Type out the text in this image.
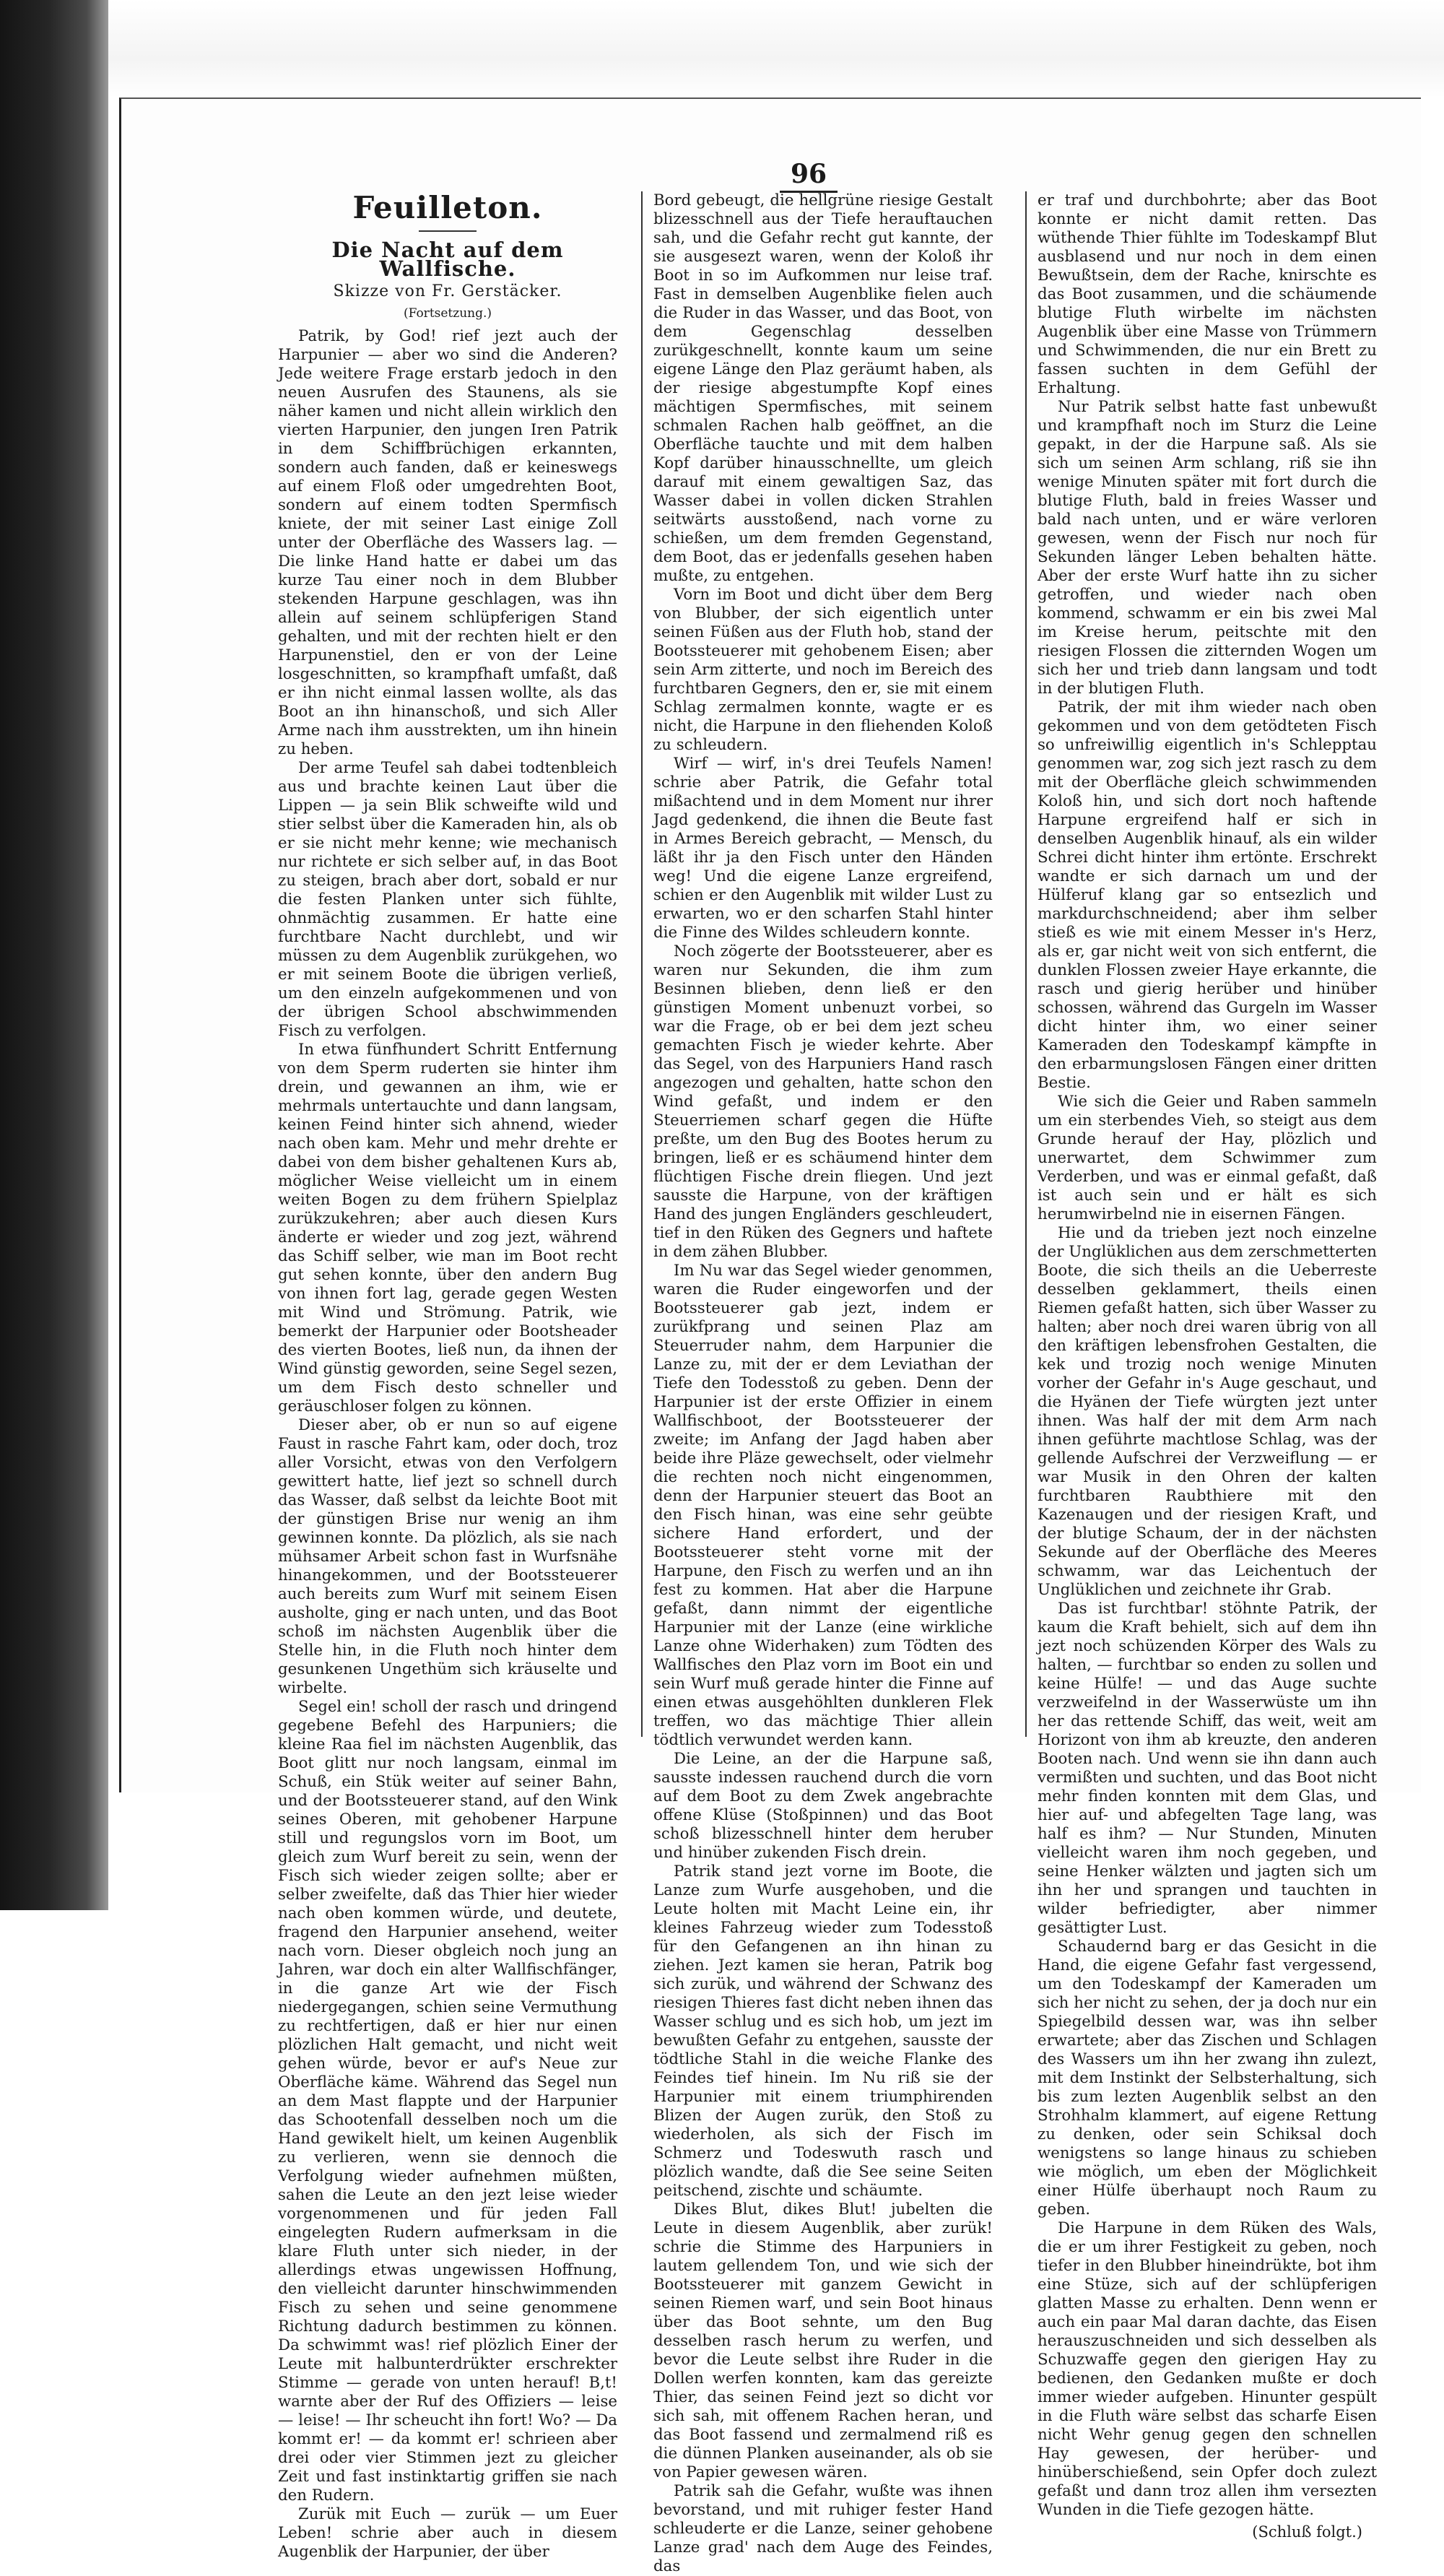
96
Feuilleton.
Die Nacht auf dem Wallfische.
Skizze von Fr. Gerstäcker.
(Fortsetzung.)

Patrik, by God! rief jezt auch der Harpunier — aber wo sind die Anderen? Jede weitere Frage erstarb jedoch in den neuen Ausrufen des Staunens, als sie näher kamen und nicht allein wirklich den vierten Harpunier, den jungen Iren Patrik in dem Schiffbrüchigen erkannten, sondern auch fanden, daß er keineswegs auf einem Floß oder umgedrehten Boot, sondern auf einem todten Spermfisch kniete, der mit seiner Last einige Zoll unter der Oberfläche des Wassers lag. — Die linke Hand hatte er dabei um das kurze Tau einer noch in dem Blubber stekenden Harpune geschlagen, was ihn allein auf seinem schlüpferigen Stand gehalten, und mit der rechten hielt er den Harpunenstiel, den er von der Leine losgeschnitten, so krampfhaft umfaßt, daß er ihn nicht einmal lassen wollte, als das Boot an ihn hinanschoß, und sich Aller Arme nach ihm ausstrekten, um ihn hinein zu heben.

Der arme Teufel sah dabei todtenbleich aus und brachte keinen Laut über die Lippen — ja sein Blik schweifte wild und stier selbst über die Kameraden hin, als ob er sie nicht mehr kenne; wie mechanisch nur richtete er sich selber auf, in das Boot zu steigen, brach aber dort, sobald er nur die festen Planken unter sich fühlte, ohnmächtig zusammen. Er hatte eine furchtbare Nacht durchlebt, und wir müssen zu dem Augenblik zurükgehen, wo er mit seinem Boote die übrigen verließ, um den einzeln aufgekommenen und von der übrigen School abschwimmenden Fisch zu verfolgen.

In etwa fünfhundert Schritt Entfernung von dem Sperm ruderten sie hinter ihm drein, und gewannen an ihm, wie er mehrmals untertauchte und dann langsam, keinen Feind hinter sich ahnend, wieder nach oben kam. Mehr und mehr drehte er dabei von dem bisher gehaltenen Kurs ab, möglicher Weise vielleicht um in einem weiten Bogen zu dem frühern Spielplaz zurükzukehren; aber auch diesen Kurs änderte er wieder und zog jezt, während das Schiff selber, wie man im Boot recht gut sehen konnte, über den andern Bug von ihnen fort lag, gerade gegen Westen mit Wind und Strömung. Patrik, wie bemerkt der Harpunier oder Bootsheader des vierten Bootes, ließ nun, da ihnen der Wind günstig geworden, seine Segel sezen, um dem Fisch desto schneller und geräuschloser folgen zu können.

Dieser aber, ob er nun so auf eigene Faust in rasche Fahrt kam, oder doch, troz aller Vorsicht, etwas von den Verfolgern gewittert hatte, lief jezt so schnell durch das Wasser, daß selbst da leichte Boot mit der günstigen Brise nur wenig an ihm gewinnen konnte. Da plözlich, als sie nach mühsamer Arbeit schon fast in Wurfsnähe hinangekommen, und der Bootssteuerer auch bereits zum Wurf mit seinem Eisen ausholte, ging er nach unten, und das Boot schoß im nächsten Augenblik über die Stelle hin, in die Fluth noch hinter dem gesunkenen Ungethüm sich kräuselte und wirbelte.

Segel ein! scholl der rasch und dringend gegebene Befehl des Harpuniers; die kleine Raa fiel im nächsten Augenblik, das Boot glitt nur noch langsam, einmal im Schuß, ein Stük weiter auf seiner Bahn, und der Bootssteuerer stand, auf den Wink seines Oberen, mit gehobener Harpune still und regungslos vorn im Boot, um gleich zum Wurf bereit zu sein, wenn der Fisch sich wieder zeigen sollte; aber er selber zweifelte, daß das Thier hier wieder nach oben kommen würde, und deutete, fragend den Harpunier ansehend, weiter nach vorn. Dieser obgleich noch jung an Jahren, war doch ein alter Wallfischfänger, in die ganze Art wie der Fisch niedergegangen, schien seine Vermuthung zu rechtfertigen, daß er hier nur einen plözlichen Halt gemacht, und nicht weit gehen würde, bevor er auf's Neue zur Oberfläche käme. Während das Segel nun an dem Mast flappte und der Harpunier das Schootenfall desselben noch um die Hand gewikelt hielt, um keinen Augenblik zu verlieren, wenn sie dennoch die Verfolgung wieder aufnehmen müßten, sahen die Leute an den jezt leise wieder vorgenommenen und für jeden Fall eingelegten Rudern aufmerksam in die klare Fluth unter sich nieder, in der allerdings etwas ungewissen Hoffnung, den vielleicht darunter hinschwimmenden Fisch zu sehen und seine genommene Richtung dadurch bestimmen zu können. Da schwimmt was! rief plözlich Einer der Leute mit halbunterdrükter erschrekter Stimme — gerade von unten herauf! B,t! warnte aber der Ruf des Offiziers — leise — leise! — Ihr scheucht ihn fort! Wo? — Da kommt er! — da kommt er! schrieen aber drei oder vier Stimmen jezt zu gleicher Zeit und fast instinktartig griffen sie nach den Rudern.

Zurük mit Euch — zurük — um Euer Leben! schrie aber auch in diesem Augenblik der Harpunier, der über

Bord gebeugt, die hellgrüne riesige Gestalt blizesschnell aus der Tiefe herauftauchen sah, und die Gefahr recht gut kannte, der sie ausgesezt waren, wenn der Koloß ihr Boot in so im Aufkommen nur leise traf. Fast in demselben Augenblike fielen auch die Ruder in das Wasser, und das Boot, von dem Gegenschlag desselben zurükgeschnellt, konnte kaum um seine eigene Länge den Plaz geräumt haben, als der riesige abgestumpfte Kopf eines mächtigen Spermfisches, mit seinem schmalen Rachen halb geöffnet, an die Oberfläche tauchte und mit dem halben Kopf darüber hinausschnellte, um gleich darauf mit einem gewaltigen Saz, das Wasser dabei in vollen dicken Strahlen seitwärts ausstoßend, nach vorne zu schießen, um dem fremden Gegenstand, dem Boot, das er jedenfalls gesehen haben mußte, zu entgehen.

Vorn im Boot und dicht über dem Berg von Blubber, der sich eigentlich unter seinen Füßen aus der Fluth hob, stand der Bootssteuerer mit gehobenem Eisen; aber sein Arm zitterte, und noch im Bereich des furchtbaren Gegners, den er, sie mit einem Schlag zermalmen konnte, wagte er es nicht, die Harpune in den fliehenden Koloß zu schleudern.

Wirf — wirf, in's drei Teufels Namen! schrie aber Patrik, die Gefahr total mißachtend und in dem Moment nur ihrer Jagd gedenkend, die ihnen die Beute fast in Armes Bereich gebracht, — Mensch, du läßt ihr ja den Fisch unter den Händen weg! Und die eigene Lanze ergreifend, schien er den Augenblik mit wilder Lust zu erwarten, wo er den scharfen Stahl hinter die Finne des Wildes schleudern konnte.

Noch zögerte der Bootssteuerer, aber es waren nur Sekunden, die ihm zum Besinnen blieben, denn ließ er den günstigen Moment unbenuzt vorbei, so war die Frage, ob er bei dem jezt scheu gemachten Fisch je wieder kehrte. Aber das Segel, von des Harpuniers Hand rasch angezogen und gehalten, hatte schon den Wind gefaßt, und indem er den Steuerriemen scharf gegen die Hüfte preßte, um den Bug des Bootes herum zu bringen, ließ er es schäumend hinter dem flüchtigen Fische drein fliegen. Und jezt sausste die Harpune, von der kräftigen Hand des jungen Engländers geschleudert, tief in den Rüken des Gegners und haftete in dem zähen Blubber.

Im Nu war das Segel wieder genommen, waren die Ruder eingeworfen und der Bootssteuerer gab jezt, indem er zurükfprang und seinen Plaz am Steuerruder nahm, dem Harpunier die Lanze zu, mit der er dem Leviathan der Tiefe den Todesstoß zu geben. Denn der Harpunier ist der erste Offizier in einem Wallfischboot, der Bootssteuerer der zweite; im Anfang der Jagd haben aber beide ihre Pläze gewechselt, oder vielmehr die rechten noch nicht eingenommen, denn der Harpunier steuert das Boot an den Fisch hinan, was eine sehr geübte sichere Hand erfordert, und der Bootssteuerer steht vorne mit der Harpune, den Fisch zu werfen und an ihn fest zu kommen. Hat aber die Harpune gefaßt, dann nimmt der eigentliche Harpunier mit der Lanze (eine wirkliche Lanze ohne Widerhaken) zum Tödten des Wallfisches den Plaz vorn im Boot ein und sein Wurf muß gerade hinter die Finne auf einen etwas ausgehöhlten dunkleren Flek treffen, wo das mächtige Thier allein tödtlich verwundet werden kann.

Die Leine, an der die Harpune saß, sausste indessen rauchend durch die vorn auf dem Boot zu dem Zwek angebrachte offene Klüse (Stoßpinnen) und das Boot schoß blizesschnell hinter dem heruber und hinüber zukenden Fisch drein.

Patrik stand jezt vorne im Boote, die Lanze zum Wurfe ausgehoben, und die Leute holten mit Macht Leine ein, ihr kleines Fahrzeug wieder zum Todesstoß für den Gefangenen an ihn hinan zu ziehen. Jezt kamen sie heran, Patrik bog sich zurük, und während der Schwanz des riesigen Thieres fast dicht neben ihnen das Wasser schlug und es sich hob, um jezt im bewußten Gefahr zu entgehen, sausste der tödtliche Stahl in die weiche Flanke des Feindes tief hinein. Im Nu riß sie der Harpunier mit einem triumphirenden Blizen der Augen zurük, den Stoß zu wiederholen, als sich der Fisch im Schmerz und Todeswuth rasch und plözlich wandte, daß die See seine Seiten peitschend, zischte und schäumte.

Dikes Blut, dikes Blut! jubelten die Leute in diesem Augenblik, aber zurük! schrie die Stimme des Harpuniers in lautem gellendem Ton, und wie sich der Bootssteuerer mit ganzem Gewicht in seinen Riemen warf, und sein Boot hinaus über das Boot sehnte, um den Bug desselben rasch herum zu werfen, und bevor die Leute selbst ihre Ruder in die Dollen werfen konnten, kam das gereizte Thier, das seinen Feind jezt so dicht vor sich sah, mit offenem Rachen heran, und das Boot fassend und zermalmend riß es die dünnen Planken auseinander, als ob sie von Papier gewesen wären.

Patrik sah die Gefahr, wußte was ihnen bevorstand, und mit ruhiger fester Hand schleuderte er die Lanze, seiner gehobene Lanze grad' nach dem Auge des Feindes, das

er traf und durchbohrte; aber das Boot konnte er nicht damit retten. Das wüthende Thier fühlte im Todeskampf Blut ausblasend und nur noch in dem einen Bewußtsein, dem der Rache, knirschte es das Boot zusammen, und die schäumende blutige Fluth wirbelte im nächsten Augenblik über eine Masse von Trümmern und Schwimmenden, die nur ein Brett zu fassen suchten in dem Gefühl der Erhaltung.

Nur Patrik selbst hatte fast unbewußt und krampfhaft noch im Sturz die Leine gepakt, in der die Harpune saß. Als sie sich um seinen Arm schlang, riß sie ihn wenige Minuten später mit fort durch die blutige Fluth, bald in freies Wasser und bald nach unten, und er wäre verloren gewesen, wenn der Fisch nur noch für Sekunden länger Leben behalten hätte. Aber der erste Wurf hatte ihn zu sicher getroffen, und wieder nach oben kommend, schwamm er ein bis zwei Mal im Kreise herum, peitschte mit den riesigen Flossen die zitternden Wogen um sich her und trieb dann langsam und todt in der blutigen Fluth.

Patrik, der mit ihm wieder nach oben gekommen und von dem getödteten Fisch so unfreiwillig eigentlich in's Schlepptau genommen war, zog sich jezt rasch zu dem mit der Oberfläche gleich schwimmenden Koloß hin, und sich dort noch haftende Harpune ergreifend half er sich in denselben Augenblik hinauf, als ein wilder Schrei dicht hinter ihm ertönte. Erschrekt wandte er sich darnach um und der Hülferuf klang gar so entsezlich und markdurchschneidend; aber ihm selber stieß es wie mit einem Messer in's Herz, als er, gar nicht weit von sich entfernt, die dunklen Flossen zweier Haye erkannte, die rasch und gierig herüber und hinüber schossen, während das Gurgeln im Wasser dicht hinter ihm, wo einer seiner Kameraden den Todeskampf kämpfte in den erbarmungslosen Fängen einer dritten Bestie.

Wie sich die Geier und Raben sammeln um ein sterbendes Vieh, so steigt aus dem Grunde herauf der Hay, plözlich und unerwartet, dem Schwimmer zum Verderben, und was er einmal gefaßt, daß ist auch sein und er hält es sich herumwirbelnd nie in eisernen Fängen.

Hie und da trieben jezt noch einzelne der Unglüklichen aus dem zerschmetterten Boote, die sich theils an die Ueberreste desselben geklammert, theils einen Riemen gefaßt hatten, sich über Wasser zu halten; aber noch drei waren übrig von all den kräftigen lebensfrohen Gestalten, die kek und trozig noch wenige Minuten vorher der Gefahr in's Auge geschaut, und die Hyänen der Tiefe würgten jezt unter ihnen. Was half der mit dem Arm nach ihnen geführte machtlose Schlag, was der gellende Aufschrei der Verzweiflung — er war Musik in den Ohren der kalten furchtbaren Raubthiere mit den Kazenaugen und der riesigen Kraft, und der blutige Schaum, der in der nächsten Sekunde auf der Oberfläche des Meeres schwamm, war das Leichentuch der Unglüklichen und zeichnete ihr Grab.

Das ist furchtbar! stöhnte Patrik, der kaum die Kraft behielt, sich auf dem ihn jezt noch schüzenden Körper des Wals zu halten, — furchtbar so enden zu sollen und keine Hülfe! — und das Auge suchte verzweifelnd in der Wasserwüste um ihn her das rettende Schiff, das weit, weit am Horizont von ihm ab kreuzte, den anderen Booten nach. Und wenn sie ihn dann auch vermißten und suchten, und das Boot nicht mehr finden konnten mit dem Glas, und hier auf- und abfegelten Tage lang, was half es ihm? — Nur Stunden, Minuten vielleicht waren ihm noch gegeben, und seine Henker wälzten und jagten sich um ihn her und sprangen und tauchten in wilder befriedigter, aber nimmer gesättigter Lust.

Schaudernd barg er das Gesicht in die Hand, die eigene Gefahr fast vergessend, um den Todeskampf der Kameraden um sich her nicht zu sehen, der ja doch nur ein Spiegelbild dessen war, was ihn selber erwartete; aber das Zischen und Schlagen des Wassers um ihn her zwang ihn zulezt, mit dem Instinkt der Selbsterhaltung, sich bis zum lezten Augenblik selbst an den Strohhalm klammert, auf eigene Rettung zu denken, oder sein Schiksal doch wenigstens so lange hinaus zu schieben wie möglich, um eben der Möglichkeit einer Hülfe überhaupt noch Raum zu geben.

Die Harpune in dem Rüken des Wals, die er um ihrer Festigkeit zu geben, noch tiefer in den Blubber hineindrükte, bot ihm eine Stüze, sich auf der schlüpferigen glatten Masse zu erhalten. Denn wenn er auch ein paar Mal daran dachte, das Eisen herauszuschneiden und sich desselben als Schuzwaffe gegen den gierigen Hay zu bedienen, den Gedanken mußte er doch immer wieder aufgeben. Hinunter gespült in die Fluth wäre selbst das scharfe Eisen nicht Wehr genug gegen den schnellen Hay gewesen, der herüber- und hinüberschießend, sein Opfer doch zulezt gefaßt und dann troz allen ihm versezten Wunden in die Tiefe gezogen hätte.

(Schluß folgt.)
